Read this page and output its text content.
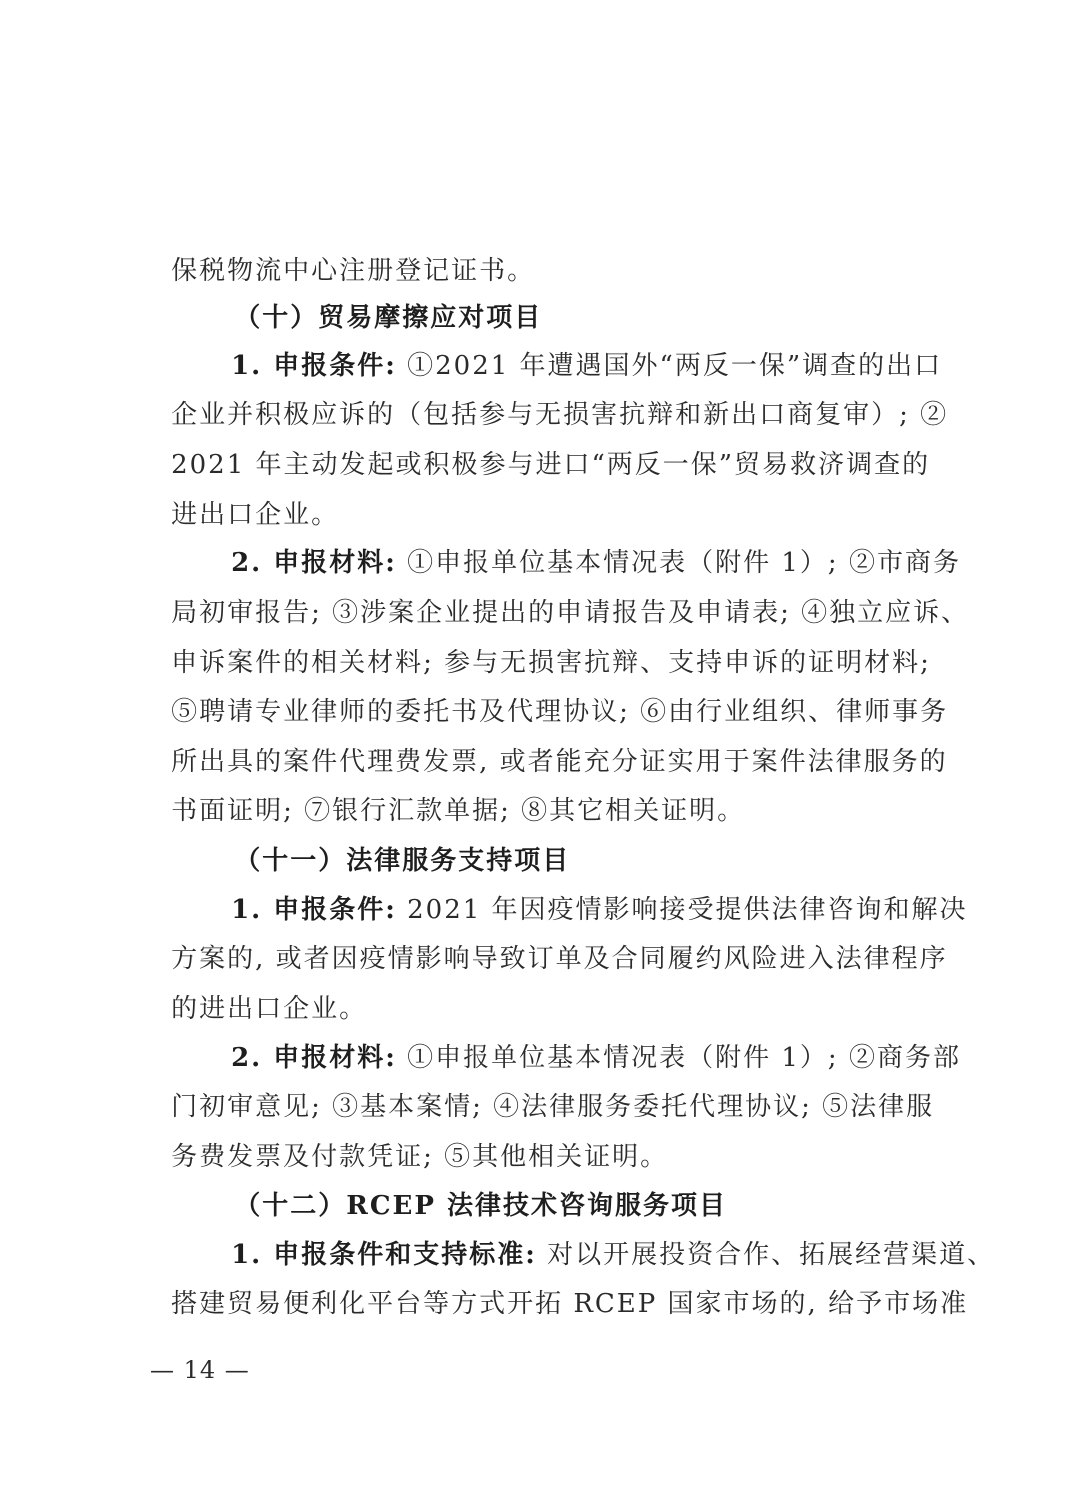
保税物流中心注册登记证书。

（十）贸易摩擦应对项目

1. 申报条件: ①2021 年遭遇国外“两反一保”调查的出口

企业并积极应诉的（包括参与无损害抗辩和新出口商复审）; ②

2021 年主动发起或积极参与进口“两反一保”贸易救济调查的

进出口企业。

2. 申报材料: ①申报单位基本情况表（附件 1）; ②市商务

局初审报告; ③涉案企业提出的申请报告及申请表; ④独立应诉、

申诉案件的相关材料; 参与无损害抗辩、支持申诉的证明材料;

⑤聘请专业律师的委托书及代理协议; ⑥由行业组织、律师事务

所出具的案件代理费发票, 或者能充分证实用于案件法律服务的

书面证明; ⑦银行汇款单据; ⑧其它相关证明。

（十一）法律服务支持项目

1. 申报条件: 2021 年因疫情影响接受提供法律咨询和解决

方案的, 或者因疫情影响导致订单及合同履约风险进入法律程序

的进出口企业。

2. 申报材料: ①申报单位基本情况表（附件 1）; ②商务部

门初审意见; ③基本案情; ④法律服务委托代理协议; ⑤法律服

务费发票及付款凭证; ⑤其他相关证明。

（十二）RCEP 法律技术咨询服务项目

1. 申报条件和支持标准: 对以开展投资合作、拓展经营渠道、

搭建贸易便利化平台等方式开拓 RCEP 国家市场的, 给予市场准

— 14 —
